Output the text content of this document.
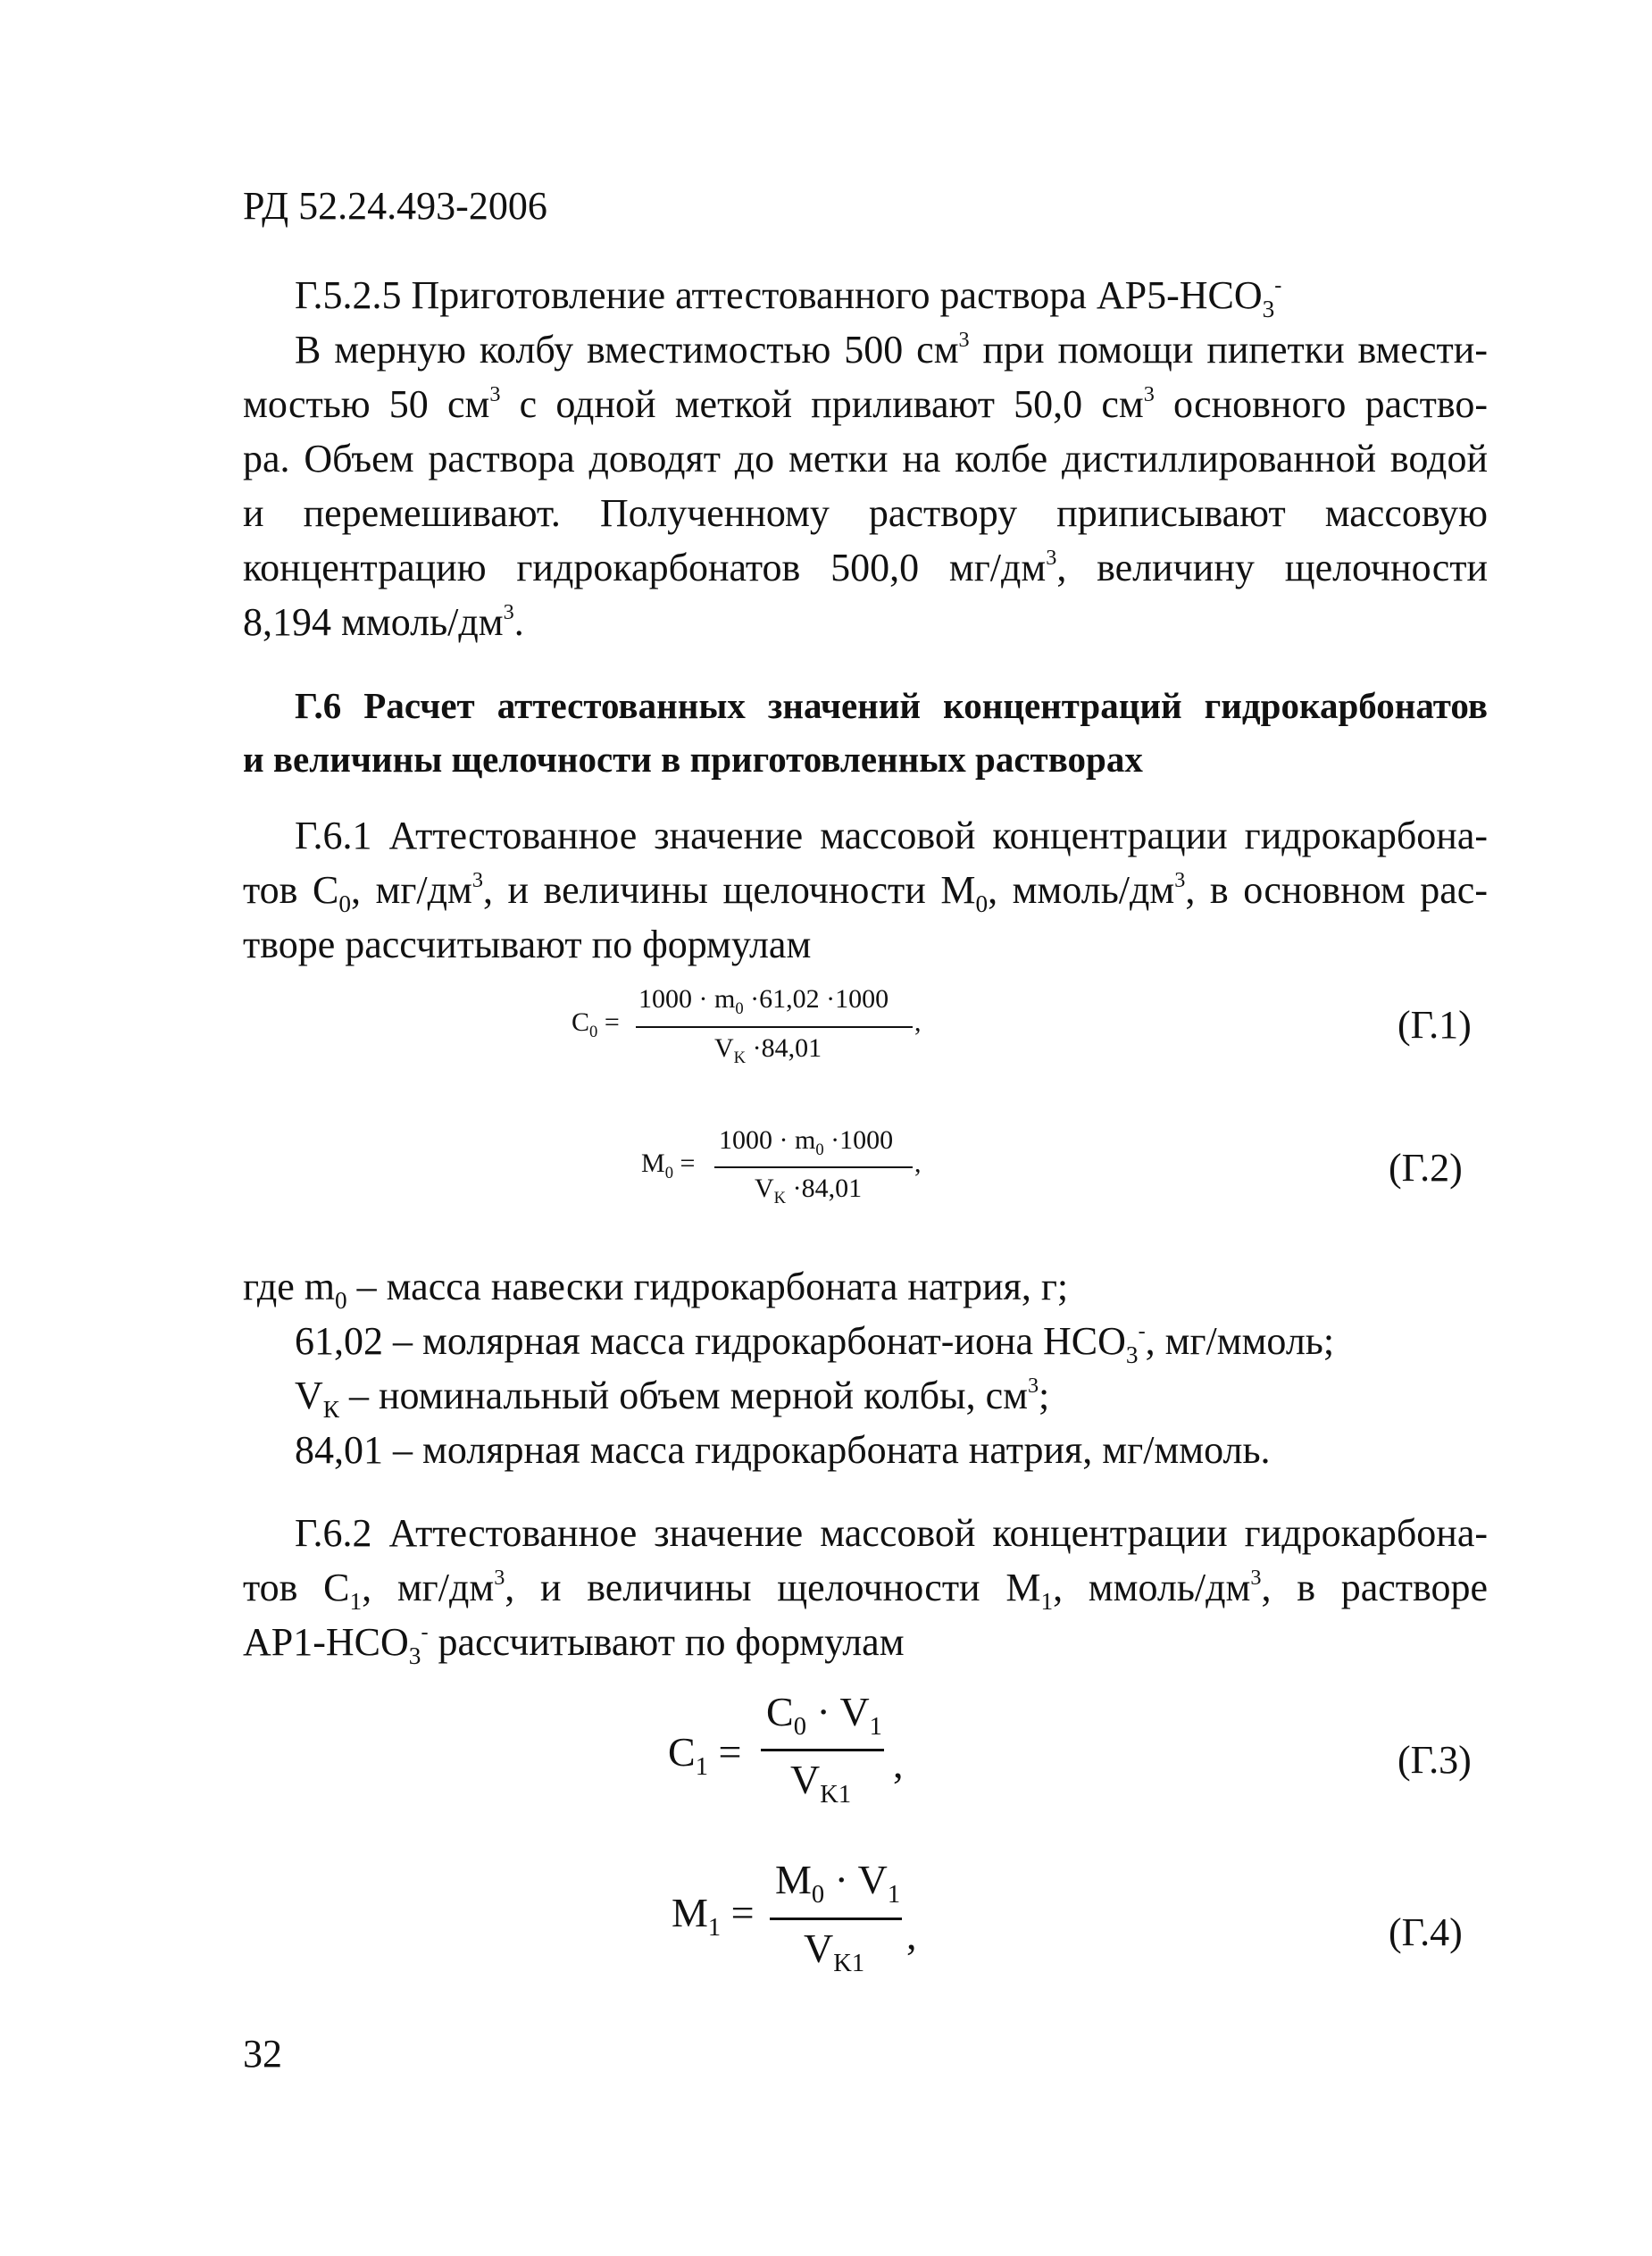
РД 52.24.493-2006
Г.5.2.5 Приготовление аттестованного раствора $АР5-HCO_3^-$
В мерную колбу вместимостью 500 $см^3$ при помощи пипетки вмести-
мостью 50 $см^3$ с одной меткой приливают 50,0 $см^3$ основного раство-
ра. Объем раствора доводят до метки на колбе дистиллированной водой
и перемешивают. Полученному раствору приписывают массовую
концентрацию гидрокарбонатов 500,0 $мг/дм^3$, величину щелочности
8,194 ммоль/$дм^3$.
Г.6 Расчет аттестованных значений концентраций гидрокарбонатов
и величины щелочности в приготовленных растворах
Г.6.1 Аттестованное значение массовой концентрации гидрокарбона-
тов $С_0$, $мг/дм^3$, и величины щелочности $М_0$, ммоль/$дм^3$, в основном рас-
творе рассчитывают по формулам
$C_0$ =
$1000 \cdot m_0 \cdot 61,02 \cdot 1000$
$V_K \cdot 84,01$
,	(Г.1)
$M_0$ =
$1000 \cdot m_0 \cdot 1000$
$V_K \cdot 84,01$
,	(Г.2)
где $m_0$ – масса навески гидрокарбоната натрия, г;
61,02 – молярная масса гидрокарбонат-иона $HCO_3^-$, мг/ммоль;
$V_К$ – номинальный объем мерной колбы, $см^3$;
84,01 – молярная масса гидрокарбоната натрия, мг/ммоль.
Г.6.2 Аттестованное значение массовой концентрации гидрокарбона-
тов $С_1$, $мг/дм^3$, и величины щелочности $М_1$, ммоль/$дм^3$, в растворе
$АР1-HCO_3^-$ рассчитывают по формулам
$C_1$ =
$C_0 \cdot V_1$
$V_{K1}$
,	(Г.3)
$M_1$ =
$M_0 \cdot V_1$
$V_{K1}$
,	(Г.4)
32
